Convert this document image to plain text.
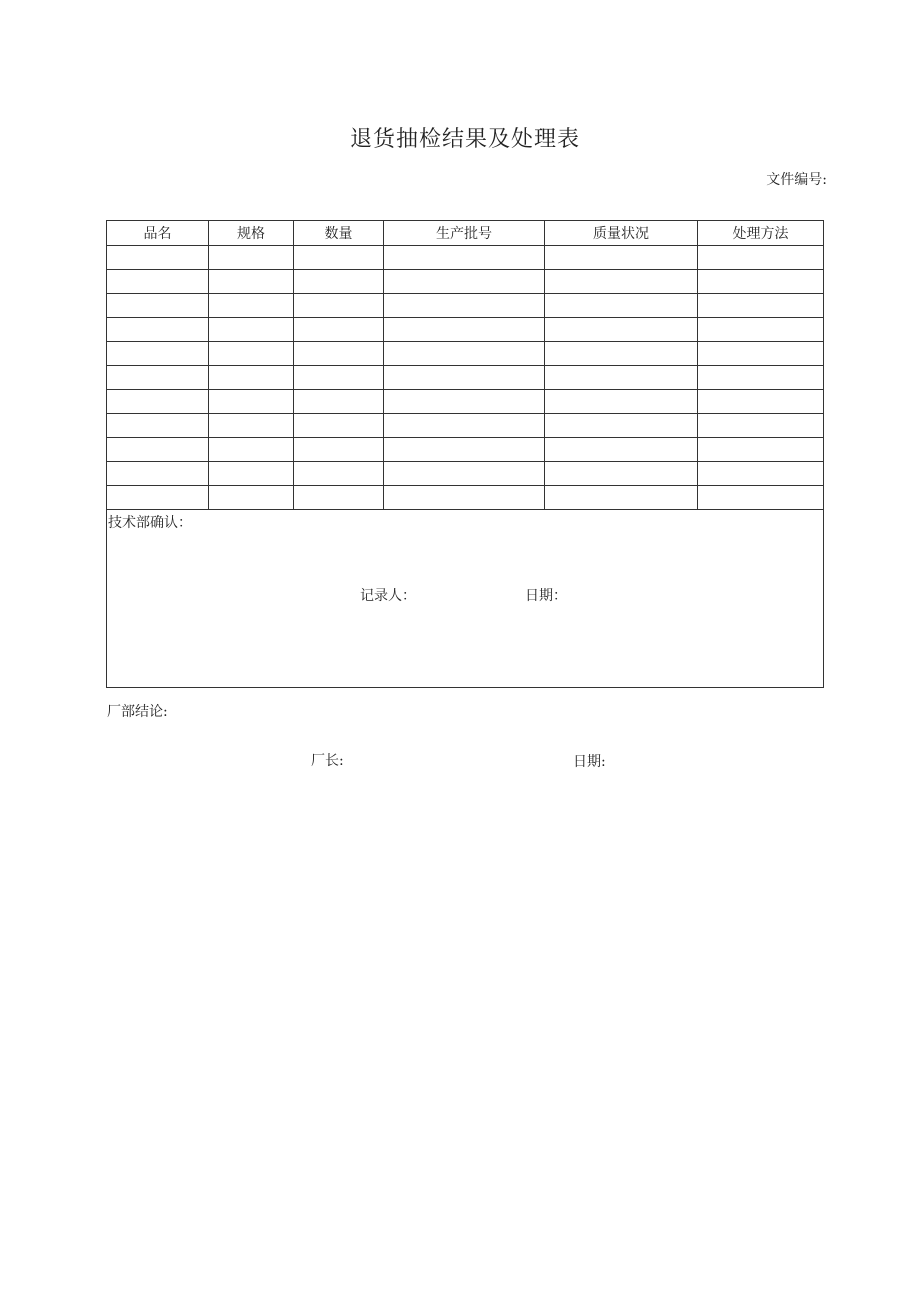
退货抽检结果及处理表
文件编号:
品名	规格	数量	生产批号	质量状况	处理方法

技术部确认：
记录人： 日期：					
厂部结论:
厂长:	日期:
